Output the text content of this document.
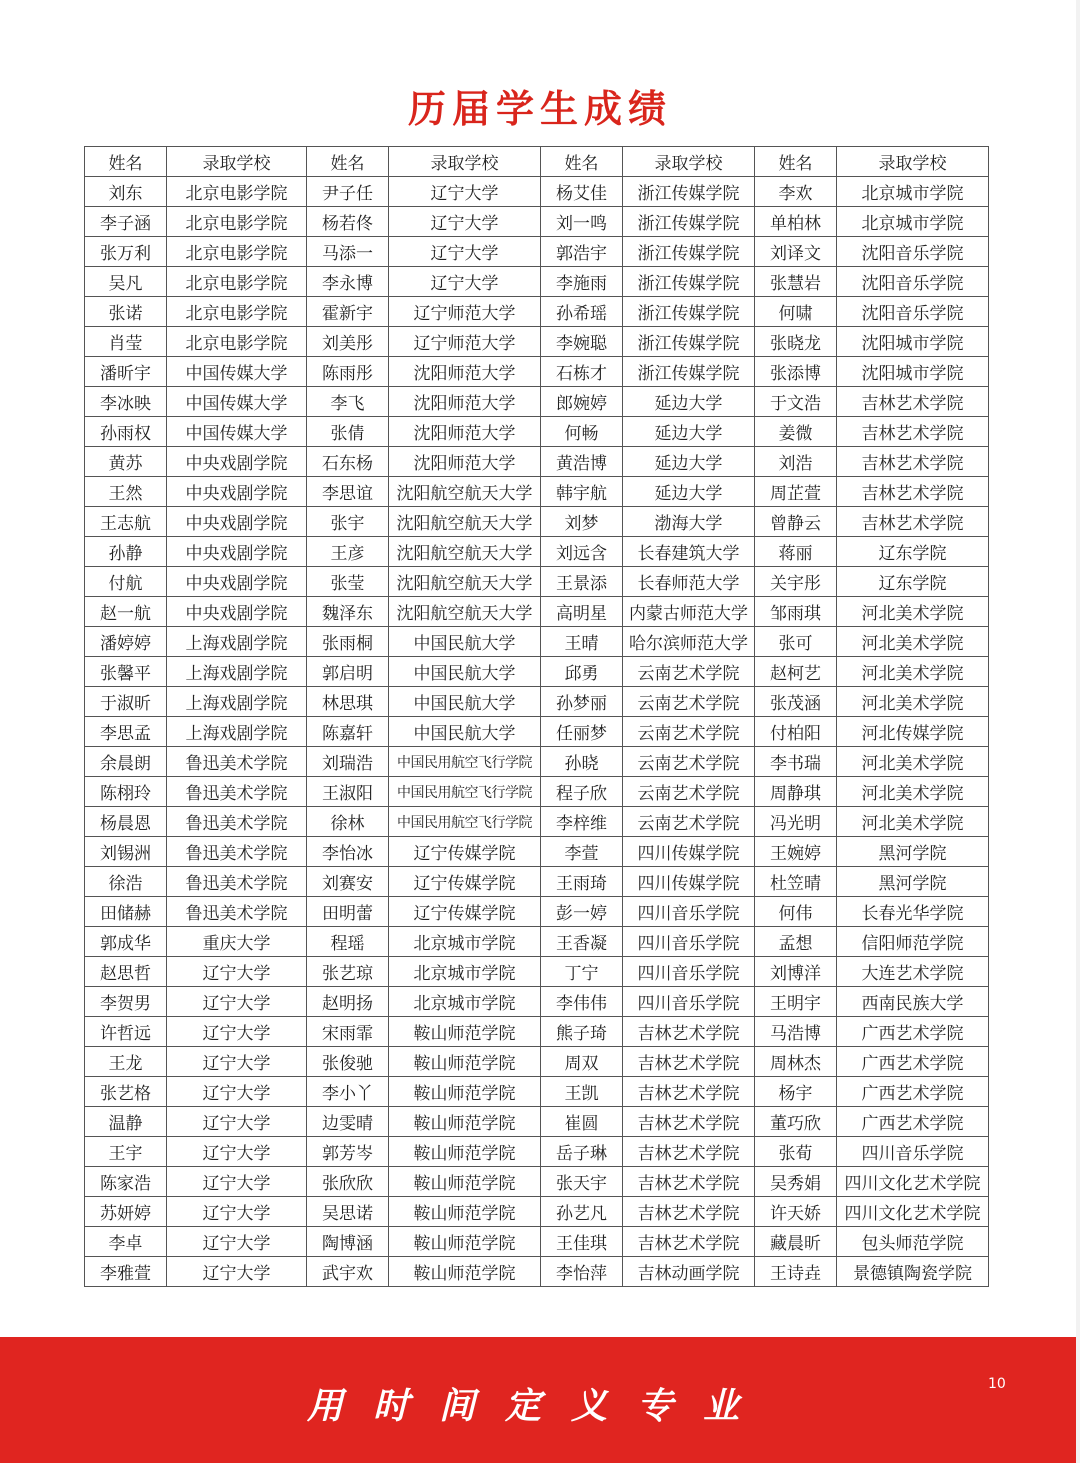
历届学生成绩
姓名	录取学校	姓名	录取学校	姓名	录取学校	姓名	录取学校
刘东	北京电影学院	尹子任	辽宁大学	杨艾佳	浙江传媒学院	李欢	北京城市学院
李子涵	北京电影学院	杨若佟	辽宁大学	刘一鸣	浙江传媒学院	单柏林	北京城市学院
张万利	北京电影学院	马添一	辽宁大学	郭浩宇	浙江传媒学院	刘译文	沈阳音乐学院
吴凡	北京电影学院	李永博	辽宁大学	李施雨	浙江传媒学院	张慧岩	沈阳音乐学院
张诺	北京电影学院	霍新宇	辽宁师范大学	孙希瑶	浙江传媒学院	何啸	沈阳音乐学院
肖莹	北京电影学院	刘美彤	辽宁师范大学	李婉聪	浙江传媒学院	张晓龙	沈阳城市学院
潘昕宇	中国传媒大学	陈雨彤	沈阳师范大学	石栋才	浙江传媒学院	张添博	沈阳城市学院
李冰映	中国传媒大学	李飞	沈阳师范大学	郎婉婷	延边大学	于文浩	吉林艺术学院
孙雨权	中国传媒大学	张倩	沈阳师范大学	何畅	延边大学	姜微	吉林艺术学院
黄苏	中央戏剧学院	石东杨	沈阳师范大学	黄浩博	延边大学	刘浩	吉林艺术学院
王然	中央戏剧学院	李思谊	沈阳航空航天大学	韩宇航	延边大学	周芷萱	吉林艺术学院
王志航	中央戏剧学院	张宇	沈阳航空航天大学	刘梦	渤海大学	曾静云	吉林艺术学院
孙静	中央戏剧学院	王彦	沈阳航空航天大学	刘远含	长春建筑大学	蒋丽	辽东学院
付航	中央戏剧学院	张莹	沈阳航空航天大学	王景添	长春师范大学	关宇彤	辽东学院
赵一航	中央戏剧学院	魏泽东	沈阳航空航天大学	高明星	内蒙古师范大学	邹雨琪	河北美术学院
潘婷婷	上海戏剧学院	张雨桐	中国民航大学	王晴	哈尔滨师范大学	张可	河北美术学院
张馨平	上海戏剧学院	郭启明	中国民航大学	邱勇	云南艺术学院	赵柯艺	河北美术学院
于淑昕	上海戏剧学院	林思琪	中国民航大学	孙梦丽	云南艺术学院	张茂涵	河北美术学院
李思孟	上海戏剧学院	陈嘉轩	中国民航大学	任丽梦	云南艺术学院	付柏阳	河北传媒学院
余晨朗	鲁迅美术学院	刘瑞浩	中国民用航空飞行学院	孙晓	云南艺术学院	李书瑞	河北美术学院
陈栩玲	鲁迅美术学院	王淑阳	中国民用航空飞行学院	程子欣	云南艺术学院	周静琪	河北美术学院
杨晨恩	鲁迅美术学院	徐林	中国民用航空飞行学院	李梓维	云南艺术学院	冯光明	河北美术学院
刘锡洲	鲁迅美术学院	李怡冰	辽宁传媒学院	李萱	四川传媒学院	王婉婷	黑河学院
徐浩	鲁迅美术学院	刘赛安	辽宁传媒学院	王雨琦	四川传媒学院	杜笠晴	黑河学院
田储赫	鲁迅美术学院	田明蕾	辽宁传媒学院	彭一婷	四川音乐学院	何伟	长春光华学院
郭成华	重庆大学	程瑶	北京城市学院	王香凝	四川音乐学院	孟想	信阳师范学院
赵思哲	辽宁大学	张艺琼	北京城市学院	丁宁	四川音乐学院	刘博洋	大连艺术学院
李贺男	辽宁大学	赵明扬	北京城市学院	李伟伟	四川音乐学院	王明宇	西南民族大学
许哲远	辽宁大学	宋雨霏	鞍山师范学院	熊子琦	吉林艺术学院	马浩博	广西艺术学院
王龙	辽宁大学	张俊驰	鞍山师范学院	周双	吉林艺术学院	周林杰	广西艺术学院
张艺格	辽宁大学	李小丫	鞍山师范学院	王凯	吉林艺术学院	杨宇	广西艺术学院
温静	辽宁大学	边雯晴	鞍山师范学院	崔圆	吉林艺术学院	董巧欣	广西艺术学院
王宇	辽宁大学	郭芳岑	鞍山师范学院	岳子琳	吉林艺术学院	张荀	四川音乐学院
陈家浩	辽宁大学	张欣欣	鞍山师范学院	张天宇	吉林艺术学院	吴秀娟	四川文化艺术学院
苏妍婷	辽宁大学	吴思诺	鞍山师范学院	孙艺凡	吉林艺术学院	许天娇	四川文化艺术学院
李卓	辽宁大学	陶博涵	鞍山师范学院	王佳琪	吉林艺术学院	藏晨昕	包头师范学院
李雅萱	辽宁大学	武宇欢	鞍山师范学院	李怡萍	吉林动画学院	王诗垚	景德镇陶瓷学院
用时间定义专业
10
